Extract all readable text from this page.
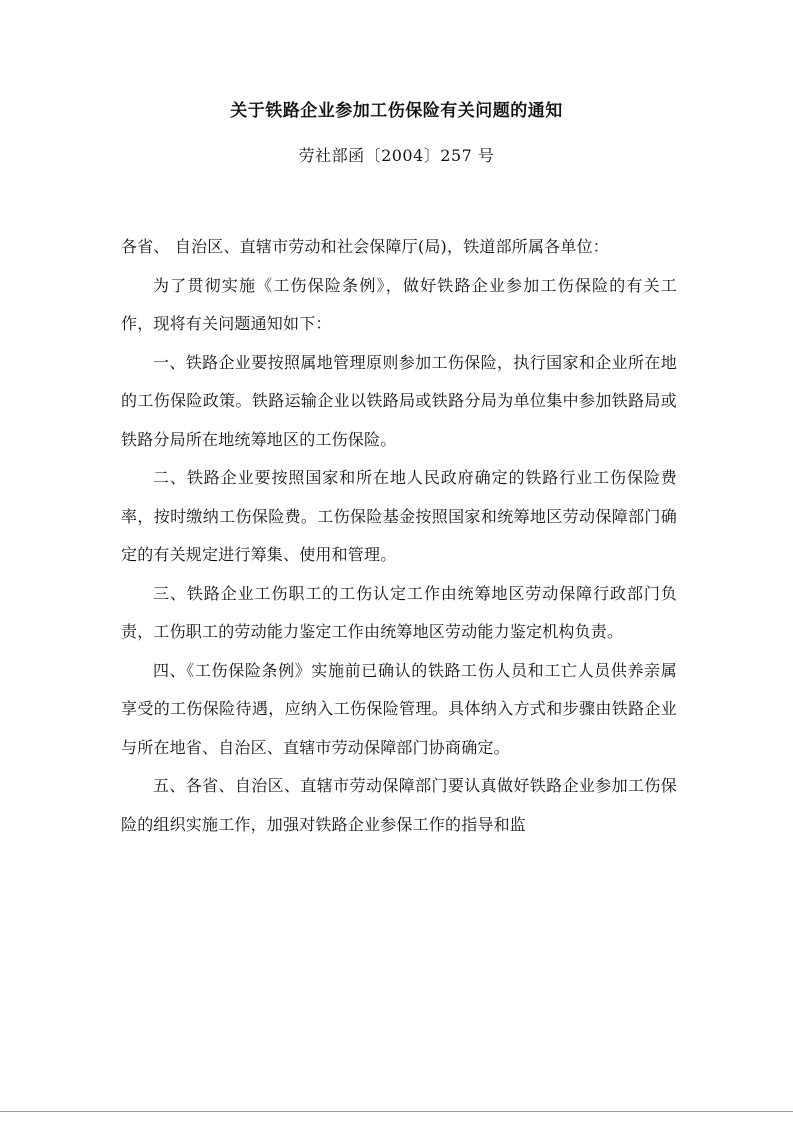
关于铁路企业参加工伤保险有关问题的通知
劳社部函〔2004〕257 号

各省、 自治区、直辖市劳动和社会保障厅(局)，铁道部所属各单位：

为了贯彻实施《工伤保险条例》，做好铁路企业参加工伤保险的有关工作，现将有关问题通知如下：

一、铁路企业要按照属地管理原则参加工伤保险，执行国家和企业所在地的工伤保险政策。铁路运输企业以铁路局或铁路分局为单位集中参加铁路局或铁路分局所在地统筹地区的工伤保险。

二、铁路企业要按照国家和所在地人民政府确定的铁路行业工伤保险费率，按时缴纳工伤保险费。工伤保险基金按照国家和统筹地区劳动保障部门确定的有关规定进行筹集、使用和管理。

三、铁路企业工伤职工的工伤认定工作由统筹地区劳动保障行政部门负责，工伤职工的劳动能力鉴定工作由统筹地区劳动能力鉴定机构负责。

四、《工伤保险条例》实施前已确认的铁路工伤人员和工亡人员供养亲属享受的工伤保险待遇，应纳入工伤保险管理。具体纳入方式和步骤由铁路企业与所在地省、自治区、直辖市劳动保障部门协商确定。

五、各省、自治区、直辖市劳动保障部门要认真做好铁路企业参加工伤保险的组织实施工作，加强对铁路企业参保工作的指导和监
